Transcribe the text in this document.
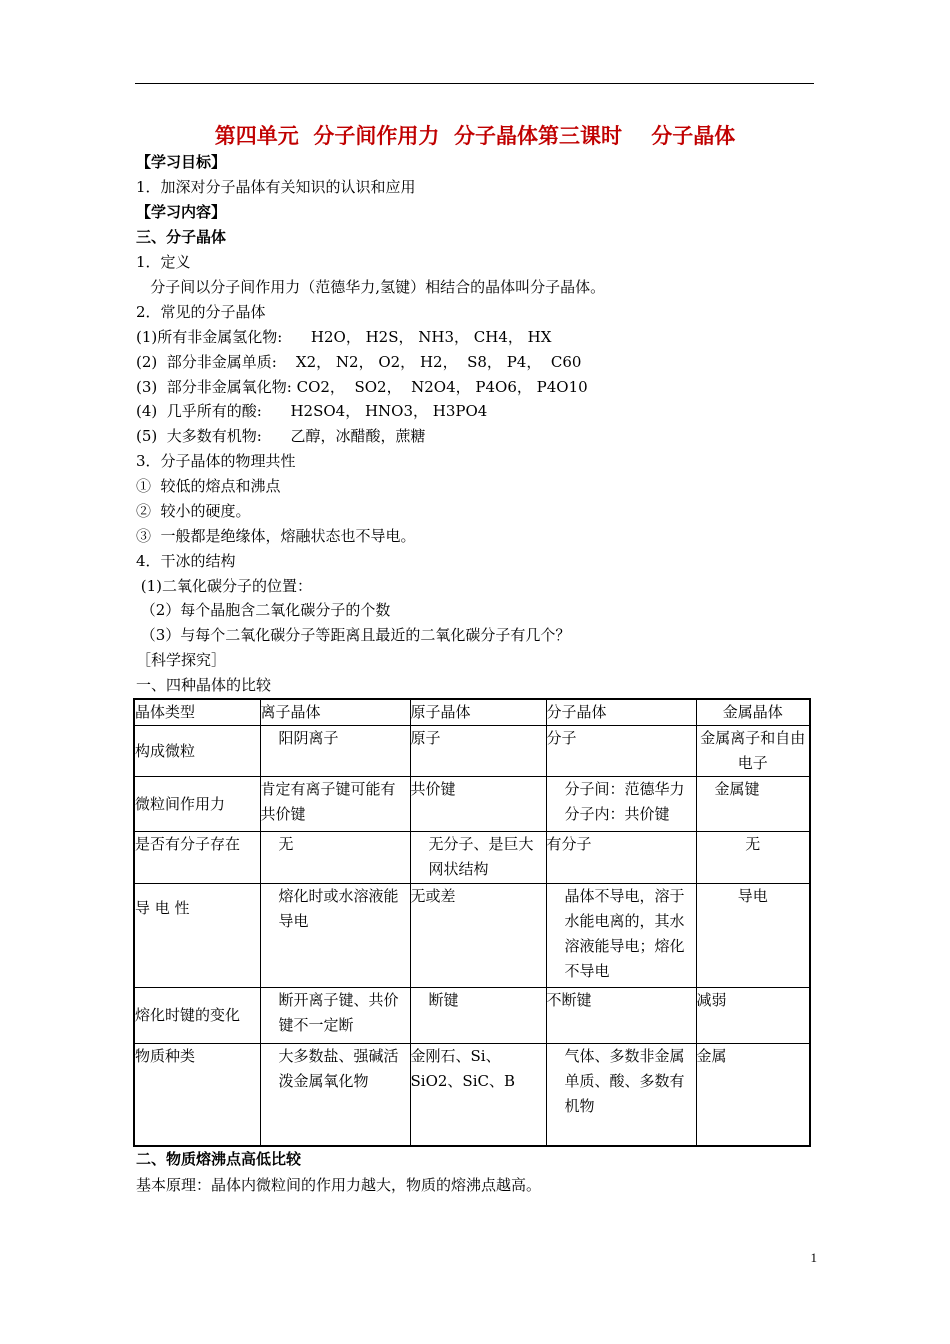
第四单元  分子间作用力  分子晶体第三课时    分子晶体
【学习目标】
1．加深对分子晶体有关知识的认识和应用
【学习内容】
三、分子晶体
1．定义
分子间以分子间作用力（范德华力,氢键）相结合的晶体叫分子晶体。
2．常见的分子晶体
(1)所有非金属氢化物:      H2O， H2S， NH3， CH4， HX
(2)  部分非金属单质:    X2， N2， O2， H2，  S8， P4，  C60
(3)  部分非金属氧化物: CO2，  SO2，  N2O4， P4O6， P4O10
(4)  几乎所有的酸:      H2SO4， HNO3， H3PO4
(5)  大多数有机物:      乙醇，冰醋酸，蔗糖
3．分子晶体的物理共性
①  较低的熔点和沸点
②  较小的硬度。
③  一般都是绝缘体，熔融状态也不导电。
4．干冰的结构
(1)二氧化碳分子的位置：
（2）每个晶胞含二氧化碳分子的个数
（3）与每个二氧化碳分子等距离且最近的二氧化碳分子有几个？
［科学探究］
一、四种晶体的比较
晶体类型	离子晶体	原子晶体	分子晶体	金属晶体
构成微粒	阳阴离子	原子	分子	金属离子和自由电子
微粒间作用力	肯定有离子键可能有共价键	共价键	分子间：范德华力 分子内：共价键	金属键
是否有分子存在	无	无分子、是巨大网状结构	有分子	无
导 电 性	熔化时或水溶液能导电	无或差	晶体不导电，溶于水能电离的，其水溶液能导电；熔化不导电	导电
熔化时键的变化	断开离子键、共价键不一定断	断键	不断键	减弱
物质种类	大多数盐、强碱活泼金属氧化物	金刚石、Si、SiO2、SiC、B	气体、多数非金属单质、酸、多数有机物	金属
二、物质熔沸点高低比较
基本原理：晶体内微粒间的作用力越大，物质的熔沸点越高。
1
